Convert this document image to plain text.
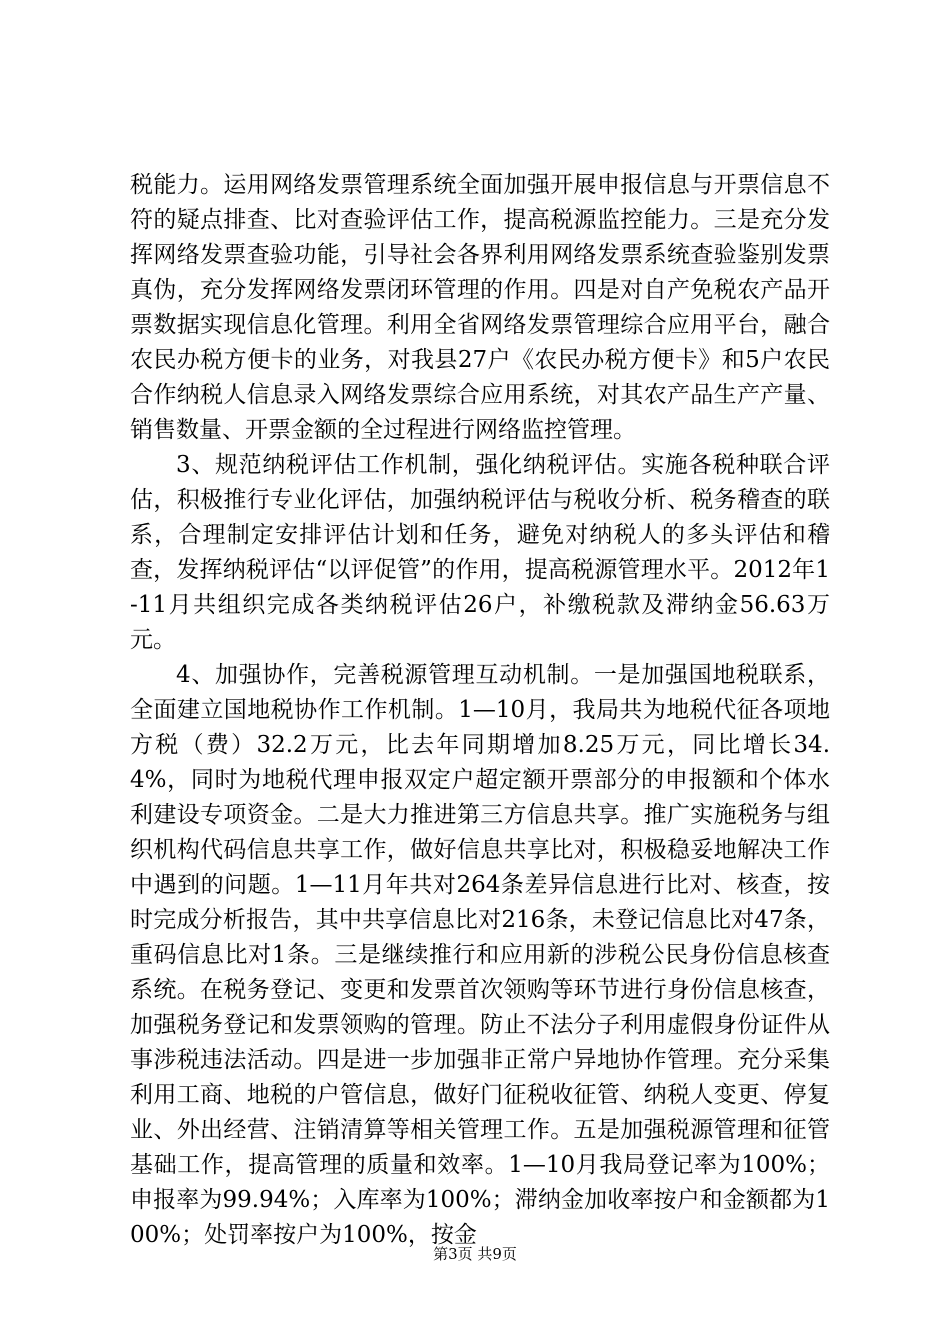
税能力。运用网络发票管理系统全面加强开展申报信息与开票信息不符的疑点排查、比对查验评估工作，提高税源监控能力。三是充分发挥网络发票查验功能，引导社会各界利用网络发票系统查验鉴别发票真伪，充分发挥网络发票闭环管理的作用。四是对自产免税农产品开票数据实现信息化管理。利用全省网络发票管理综合应用平台，融合农民办税方便卡的业务，对我县27户《农民办税方便卡》和5户农民合作纳税人信息录入网络发票综合应用系统，对其农产品生产产量、销售数量、开票金额的全过程进行网络监控管理。

3、规范纳税评估工作机制，强化纳税评估。实施各税种联合评估，积极推行专业化评估，加强纳税评估与税收分析、税务稽查的联系，合理制定安排评估计划和任务，避免对纳税人的多头评估和稽查，发挥纳税评估“以评促管”的作用，提高税源管理水平。2012年1-11月共组织完成各类纳税评估26户，补缴税款及滞纳金56.63万元。

4、加强协作，完善税源管理互动机制。一是加强国地税联系，全面建立国地税协作工作机制。1—10月，我局共为地税代征各项地方税（费）32.2万元，比去年同期增加8.25万元，同比增长34.4%，同时为地税代理申报双定户超定额开票部分的申报额和个体水利建设专项资金。二是大力推进第三方信息共享。推广实施税务与组织机构代码信息共享工作，做好信息共享比对，积极稳妥地解决工作中遇到的问题。1—11月年共对264条差异信息进行比对、核查，按时完成分析报告，其中共享信息比对216条，未登记信息比对47条，重码信息比对1条。三是继续推行和应用新的涉税公民身份信息核查系统。在税务登记、变更和发票首次领购等环节进行身份信息核查，加强税务登记和发票领购的管理。防止不法分子利用虚假身份证件从事涉税违法活动。四是进一步加强非正常户异地协作管理。充分采集利用工商、地税的户管信息，做好门征税收征管、纳税人变更、停复业、外出经营、注销清算等相关管理工作。五是加强税源管理和征管基础工作，提高管理的质量和效率。1—10月我局登记率为100%；申报率为99.94%；入库率为100%；滞纳金加收率按户和金额都为100%；处罚率按户为100%，按金

第3页 共9页
